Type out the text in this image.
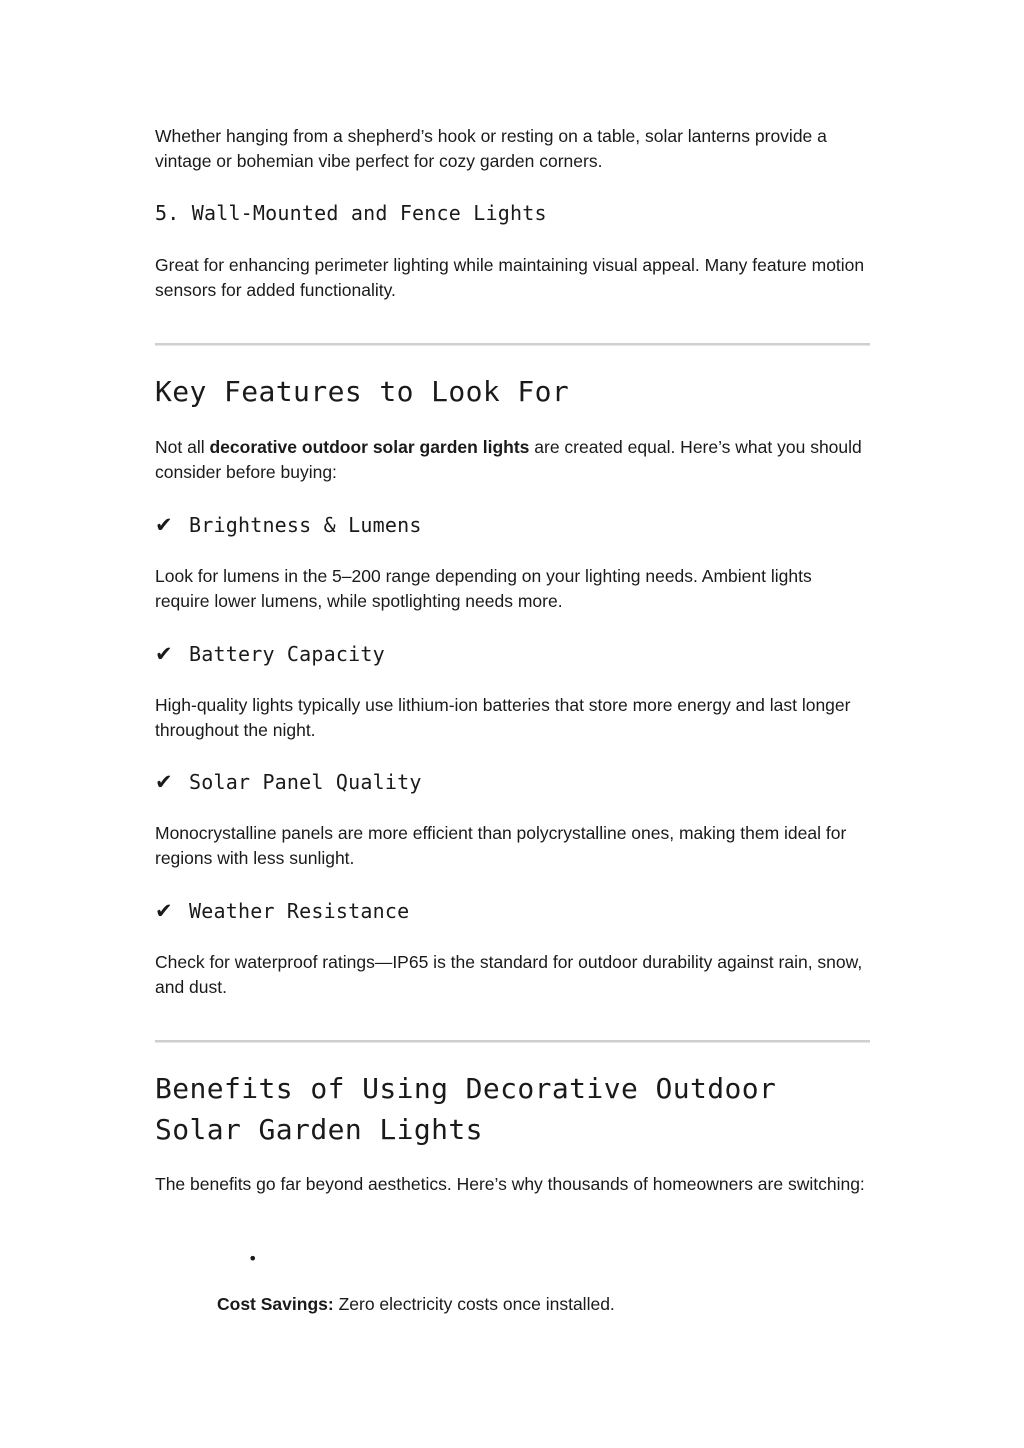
Whether hanging from a shepherd’s hook or resting on a table, solar lanterns provide a vintage or bohemian vibe perfect for cozy garden corners.

5. Wall-Mounted and Fence Lights

Great for enhancing perimeter lighting while maintaining visual appeal. Many feature motion sensors for added functionality.

Key Features to Look For

Not all decorative outdoor solar garden lights are created equal. Here’s what you should consider before buying:

✔ Brightness & Lumens

Look for lumens in the 5–200 range depending on your lighting needs. Ambient lights require lower lumens, while spotlighting needs more.

✔ Battery Capacity

High-quality lights typically use lithium-ion batteries that store more energy and last longer throughout the night.

✔ Solar Panel Quality

Monocrystalline panels are more efficient than polycrystalline ones, making them ideal for regions with less sunlight.

✔ Weather Resistance

Check for waterproof ratings—IP65 is the standard for outdoor durability against rain, snow, and dust.

Benefits of Using Decorative Outdoor Solar Garden Lights

The benefits go far beyond aesthetics. Here’s why thousands of homeowners are switching:

•

Cost Savings: Zero electricity costs once installed.
